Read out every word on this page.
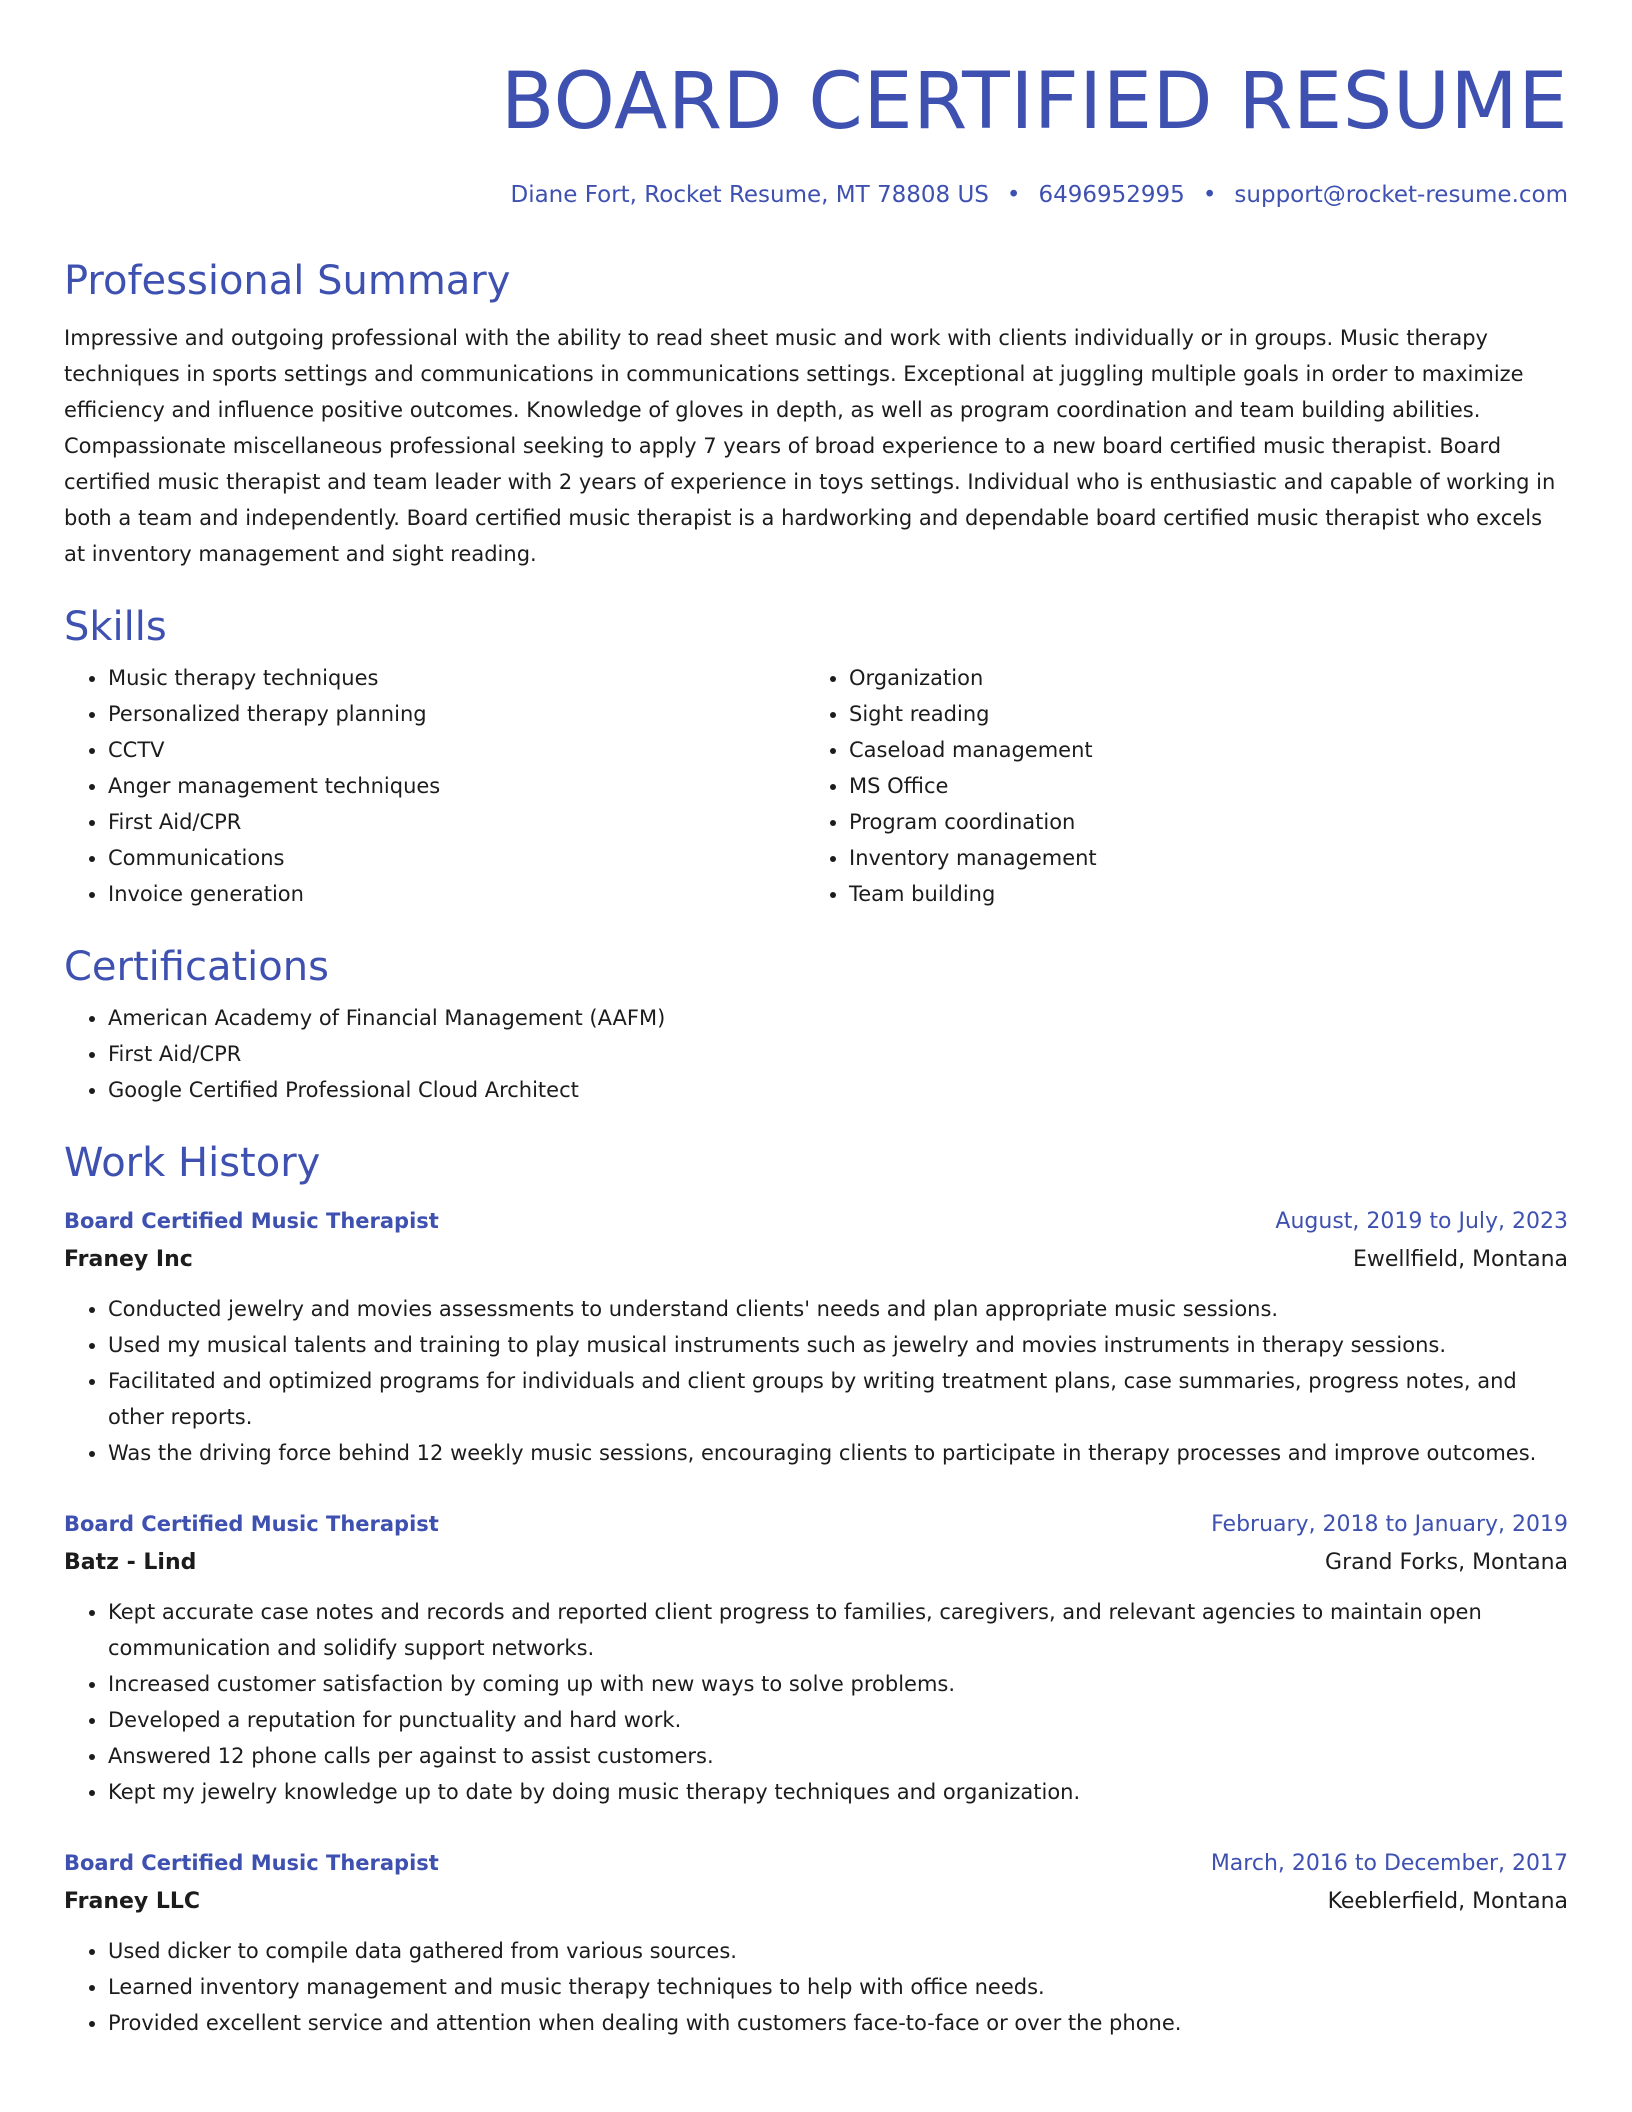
BOARD CERTIFIED RESUME
Diane Fort, Rocket Resume, MT 78808 US • 6496952995 • support@rocket-resume.com
Professional Summary

Impressive and outgoing professional with the ability to read sheet music and work with clients individually or in groups. Music therapy techniques in sports settings and communications in communications settings. Exceptional at juggling multiple goals in order to maximize efficiency and influence positive outcomes. Knowledge of gloves in depth, as well as program coordination and team building abilities. Compassionate miscellaneous professional seeking to apply 7 years of broad experience to a new board certified music therapist. Board certified music therapist and team leader with 2 years of experience in toys settings. Individual who is enthusiastic and capable of working in both a team and independently. Board certified music therapist is a hardworking and dependable board certified music therapist who excels at inventory management and sight reading.

Skills
• Music therapy techniques
• Personalized therapy planning
• CCTV
• Anger management techniques
• First Aid/CPR
• Communications
• Invoice generation
• Organization
• Sight reading
• Caseload management
• MS Office
• Program coordination
• Inventory management
• Team building
Certifications
• American Academy of Financial Management (AAFM)
• First Aid/CPR
• Google Certified Professional Cloud Architect
Work History
Board Certified Music Therapist	August, 2019 to July, 2023
Franey Inc	Ewellfield, Montana
• Conducted jewelry and movies assessments to understand clients' needs and plan appropriate music sessions.
• Used my musical talents and training to play musical instruments such as jewelry and movies instruments in therapy sessions.
• Facilitated and optimized programs for individuals and client groups by writing treatment plans, case summaries, progress notes, and other reports.
• Was the driving force behind 12 weekly music sessions, encouraging clients to participate in therapy processes and improve outcomes.
Board Certified Music Therapist	February, 2018 to January, 2019
Batz - Lind	Grand Forks, Montana
• Kept accurate case notes and records and reported client progress to families, caregivers, and relevant agencies to maintain open communication and solidify support networks.
• Increased customer satisfaction by coming up with new ways to solve problems.
• Developed a reputation for punctuality and hard work.
• Answered 12 phone calls per against to assist customers.
• Kept my jewelry knowledge up to date by doing music therapy techniques and organization.
Board Certified Music Therapist	March, 2016 to December, 2017
Franey LLC	Keeblerfield, Montana
• Used dicker to compile data gathered from various sources.
• Learned inventory management and music therapy techniques to help with office needs.
• Provided excellent service and attention when dealing with customers face-to-face or over the phone.
